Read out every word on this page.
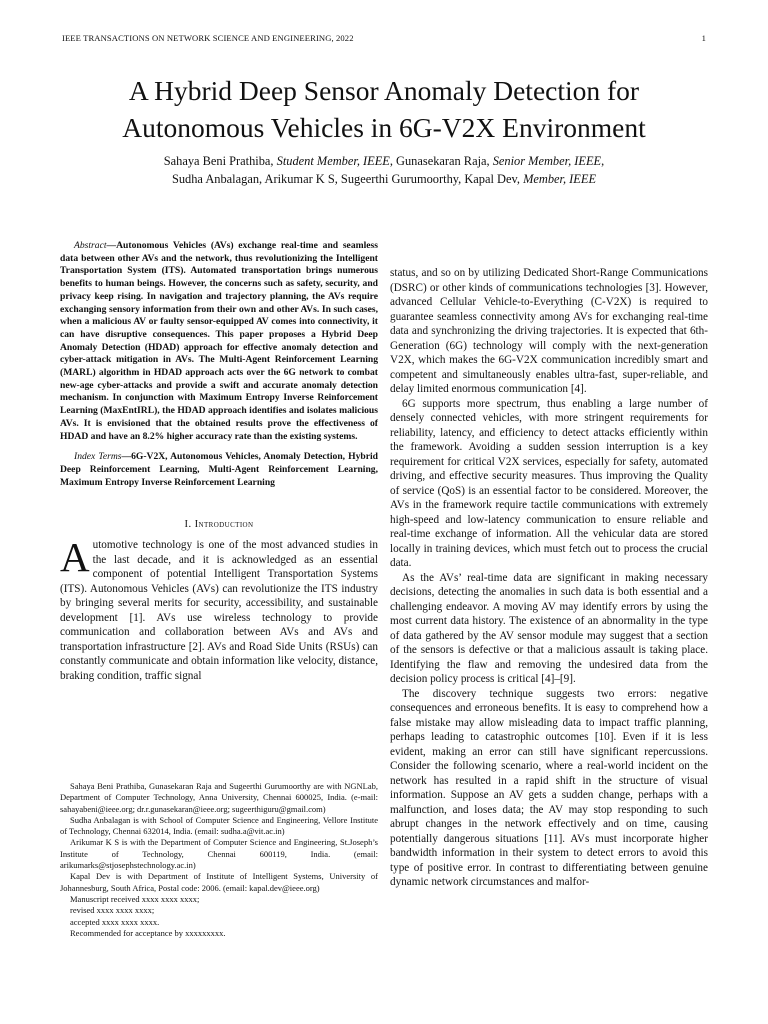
IEEE TRANSACTIONS ON NETWORK SCIENCE AND ENGINEERING, 2022	1
A Hybrid Deep Sensor Anomaly Detection for
Autonomous Vehicles in 6G-V2X Environment
Sahaya Beni Prathiba, Student Member, IEEE, Gunasekaran Raja, Senior Member, IEEE,
Sudha Anbalagan, Arikumar K S, Sugeerthi Gurumoorthy, Kapal Dev, Member, IEEE

Abstract—Autonomous Vehicles (AVs) exchange real-time and seamless data between other AVs and the network, thus revolutionizing the Intelligent Transportation System (ITS). Automated transportation brings numerous benefits to human beings. However, the concerns such as safety, security, and privacy keep rising. In navigation and trajectory planning, the AVs require exchanging sensory information from their own and other AVs. In such cases, when a malicious AV or faulty sensor-equipped AV comes into connectivity, it can have disruptive consequences. This paper proposes a Hybrid Deep Anomaly Detection (HDAD) approach for effective anomaly detection and cyber-attack mitigation in AVs. The Multi-Agent Reinforcement Learning (MARL) algorithm in HDAD approach acts over the 6G network to combat new-age cyber-attacks and provide a swift and accurate anomaly detection mechanism. In conjunction with Maximum Entropy Inverse Reinforcement Learning (MaxEntIRL), the HDAD approach identifies and isolates malicious AVs. It is envisioned that the obtained results prove the effectiveness of HDAD and have an 8.2% higher accuracy rate than the existing systems.

Index Terms—6G-V2X, Autonomous Vehicles, Anomaly Detection, Hybrid Deep Reinforcement Learning, Multi-Agent Reinforcement Learning, Maximum Entropy Inverse Reinforcement Learning

I. Introduction

Automotive technology is one of the most advanced studies in the last decade, and it is acknowledged as an essential component of potential Intelligent Transportation Systems (ITS). Autonomous Vehicles (AVs) can revolutionize the ITS industry by bringing several merits for security, accessibility, and sustainable development [1]. AVs use wireless technology to provide communication and collaboration between AVs and AVs and transportation infrastructure [2]. AVs and Road Side Units (RSUs) can constantly communicate and obtain information like velocity, distance, braking condition, traffic signal

status, and so on by utilizing Dedicated Short-Range Communications (DSRC) or other kinds of communications technologies [3]. However, advanced Cellular Vehicle-to-Everything (C-V2X) is required to guarantee seamless connectivity among AVs for exchanging real-time data and synchronizing the driving trajectories. It is expected that 6th-Generation (6G) technology will comply with the next-generation V2X, which makes the 6G-V2X communication incredibly smart and competent and simultaneously enables ultra-fast, super-reliable, and delay limited enormous communication [4].

6G supports more spectrum, thus enabling a large number of densely connected vehicles, with more stringent requirements for reliability, latency, and efficiency to detect attacks efficiently within the framework. Avoiding a sudden session interruption is a key requirement for critical V2X services, especially for safety, automated driving, and effective security measures. Thus improving the Quality of service (QoS) is an essential factor to be considered. Moreover, the AVs in the framework require tactile communications with extremely high-speed and low-latency communication to ensure reliable and real-time exchange of information. All the vehicular data are stored locally in training devices, which must fetch out to process the crucial data.

As the AVs’ real-time data are significant in making necessary decisions, detecting the anomalies in such data is both essential and a challenging endeavor. A moving AV may identify errors by using the most current data history. The existence of an abnormality in the type of data gathered by the AV sensor module may suggest that a section of the sensors is defective or that a malicious assault is taking place. Identifying the flaw and removing the undesired data from the decision policy process is critical [4]–[9].

The discovery technique suggests two errors: negative consequences and erroneous benefits. It is easy to comprehend how a false mistake may allow misleading data to impact traffic planning, perhaps leading to catastrophic outcomes [10]. Even if it is less evident, making an error can still have significant repercussions. Consider the following scenario, where a real-world incident on the network has resulted in a rapid shift in the structure of visual information. Suppose an AV gets a sudden change, perhaps with a malfunction, and loses data; the AV may stop responding to such abrupt changes in the network effectively and on time, causing potentially dangerous situations [11]. AVs must incorporate higher bandwidth information in their system to detect errors to avoid this type of positive error. In contrast to differentiating between genuine dynamic network circumstances and malfor-

Sahaya Beni Prathiba, Gunasekaran Raja and Sugeerthi Gurumoorthy are with NGNLab, Department of Computer Technology, Anna University, Chennai 600025, India. (e-mail: sahayabeni@ieee.org; dr.r.gunasekaran@ieee.org; sugeerthiguru@gmail.com)

Sudha Anbalagan is with School of Computer Science and Engineering, Vellore Institute of Technology, Chennai 632014, India. (email: sudha.a@vit.ac.in)

Arikumar K S is with the Department of Computer Science and Engineering, St.Joseph’s Institute of Technology, Chennai 600119, India. (email: arikumarks@stjosephstechnology.ac.in)

Kapal Dev is with Department of Institute of Intelligent Systems, University of Johannesburg, South Africa, Postal code: 2006. (email: kapal.dev@ieee.org)

Manuscript received xxxx xxxx xxxx;

revised xxxx xxxx xxxx;

accepted xxxx xxxx xxxx.

Recommended for acceptance by xxxxxxxxx.
